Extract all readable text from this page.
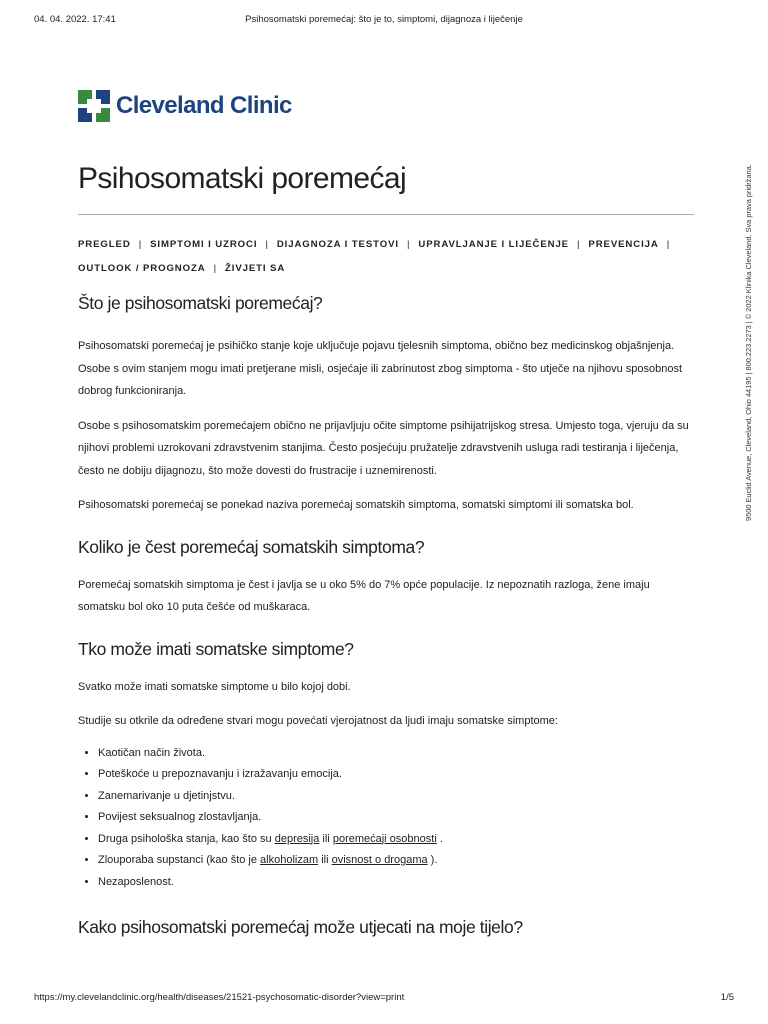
04. 04. 2022. 17:41	Psihosomatski poremećaj: što je to, simptomi, dijagnoza i liječenje
Cleveland Clinic
Psihosomatski poremećaj
PREGLED | SIMPTOMI I UZROCI | DIJAGNOZA I TESTOVI | UPRAVLJANJE I LIJEČENJE | PREVENCIJA |
OUTLOOK / PROGNOZA | ŽIVJETI SA
Što je psihosomatski poremećaj?

Psihosomatski poremećaj je psihičko stanje koje uključuje pojavu tjelesnih simptoma, obično bez medicinskog objašnjenja. Osobe s ovim stanjem mogu imati pretjerane misli, osjećaje ili zabrinutost zbog simptoma - što utječe na njihovu sposobnost dobrog funkcioniranja.

Osobe s psihosomatskim poremećajem obično ne prijavljuju očite simptome psihijatrijskog stresa. Umjesto toga, vjeruju da su njihovi problemi uzrokovani zdravstvenim stanjima. Često posjećuju pružatelje zdravstvenih usluga radi testiranja i liječenja, često ne dobiju dijagnozu, što može dovesti do frustracije i uznemirenosti.

Psihosomatski poremećaj se ponekad naziva poremećaj somatskih simptoma, somatski simptomi ili somatska bol.

Koliko je čest poremećaj somatskih simptoma?

Poremećaj somatskih simptoma je čest i javlja se u oko 5% do 7% opće populacije. Iz nepoznatih razloga, žene imaju somatsku bol oko 10 puta češće od muškaraca.

Tko može imati somatske simptome?

Svatko može imati somatske simptome u bilo kojoj dobi.

Studije su otkrile da određene stvari mogu povećati vjerojatnost da ljudi imaju somatske simptome:

• Kaotičan način života.
• Poteškoće u prepoznavanju i izražavanju emocija.
• Zanemarivanje u djetinjstvu.
• Povijest seksualnog zlostavljanja.
• Druga psihološka stanja, kao što su depresija ili poremećaji osobnosti .
• Zlouporaba supstanci (kao što je alkoholizam ili ovisnost o drogama ).
• Nezaposlenost.
Kako psihosomatski poremećaj može utjecati na moje tijelo?
9500 Euclid Avenue, Cleveland, Ohio 44195 | 800.223.2273 | © 2022 Klinika Cleveland. Sva prava pridržana.
https://my.clevelandclinic.org/health/diseases/21521-psychosomatic-disorder?view=print	1/5
